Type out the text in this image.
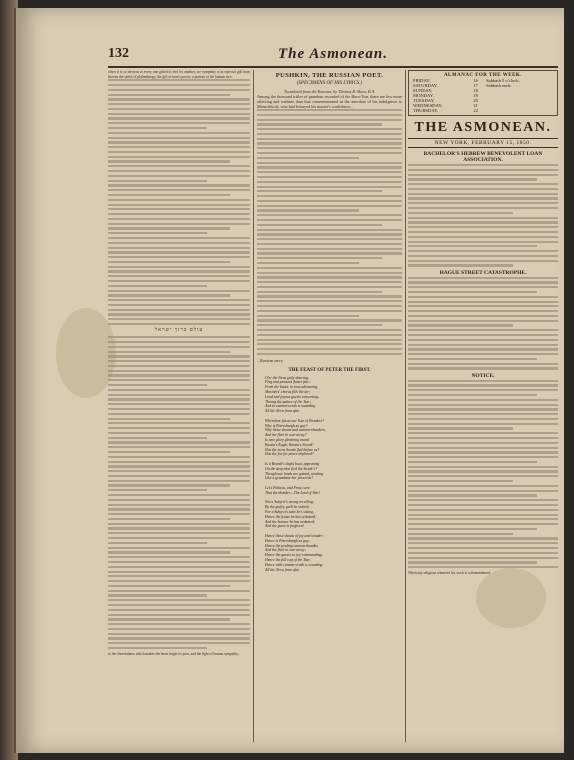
132	The Asmonean.
when it is so obvious to every one gifted to feel for another, we sympathy is in especial gift from heaven the safest of philanthropy, the gift of man's power, a portion of the human race.
עולם ברוך ישראל
to the cheerfulness which makes the heart forget its pain, and the light of human sympathy...
PUSHKIN, THE RUSSIAN POET.
(SPECIMENS OF HIS LYRICS.)
Translated from the Russian, by Thomas B. Shaw, B.A.
Among the thousand trifles of grandeur recorded of the Hero-Tsar, there are few more affecting and sublime than that commemorated in the anecdote of his indulgence to Menschikoff, who had betrayed his master's confidence...
...Russian navy.
THE FEAST OF PETER THE FIRST.
O'er the Neva gaily dancing,
Flag and pennant flutter fair;
From the boats, in tone advancing,
Mariners' chorus fills the air;
Loud and joyous guests consorting,
Throng the palace of the Tsar;
And to cannon-crash is sounding
All the Neva from afar.

Wherefore feasts our Tsar of Wonders?
Why is Petersburgh so gay?
Why those shouts and cannon-thunders,
And the fleet in war-array?
Is new glory gleaming round
Russia's Eagle, Russia's Sword?
Has the stern Swede fled before us?
Has the foe for peace implored?

Is it Brandt's slight boat, appearing
On the deep that fled the Swede's?
Though our lands are gained, stealing
Like a grandame her proceeds?

Let's Poltava, and Frost, sent
That the thunder—The Lord of War!

Not a Subject's wrong recalling,
By the guilty, guilt be stain'd;
For a Subject's sake he's sitting,
Hence the feasts he has ordained,
And the honour he has ordained;
And the guest is forgiven!

Hence these shouts of joy and wonder;
Hence is Petersburgh so gay;
Hence the pealing cannon-thunder,
And the fleet in war-array;
Hence the guests so joy-commanding;
Hence the full cup of the Tsar;
Hence with cannon-crash is sounding
All the Neva from afar.
ALMANAC FOR THE WEEK.
FRIDAY,	16	Sabbath 5 o'clock.
SATURDAY,	17	Sabbath ends.
SUNDAY,	18	
MONDAY,	19	
TUESDAY,	20	
WEDNESDAY,	21	
THURSDAY,	22	
THE ASMONEAN.
NEW YORK, FEBRUARY 15, 1850.
BACHELOR'S HEBREW BENEVOLENT LOAN ASSOCIATION.
HAGUE STREET CATASTROPHE.
NOTICE.
When any religious whatever his stock is a dismembered.
